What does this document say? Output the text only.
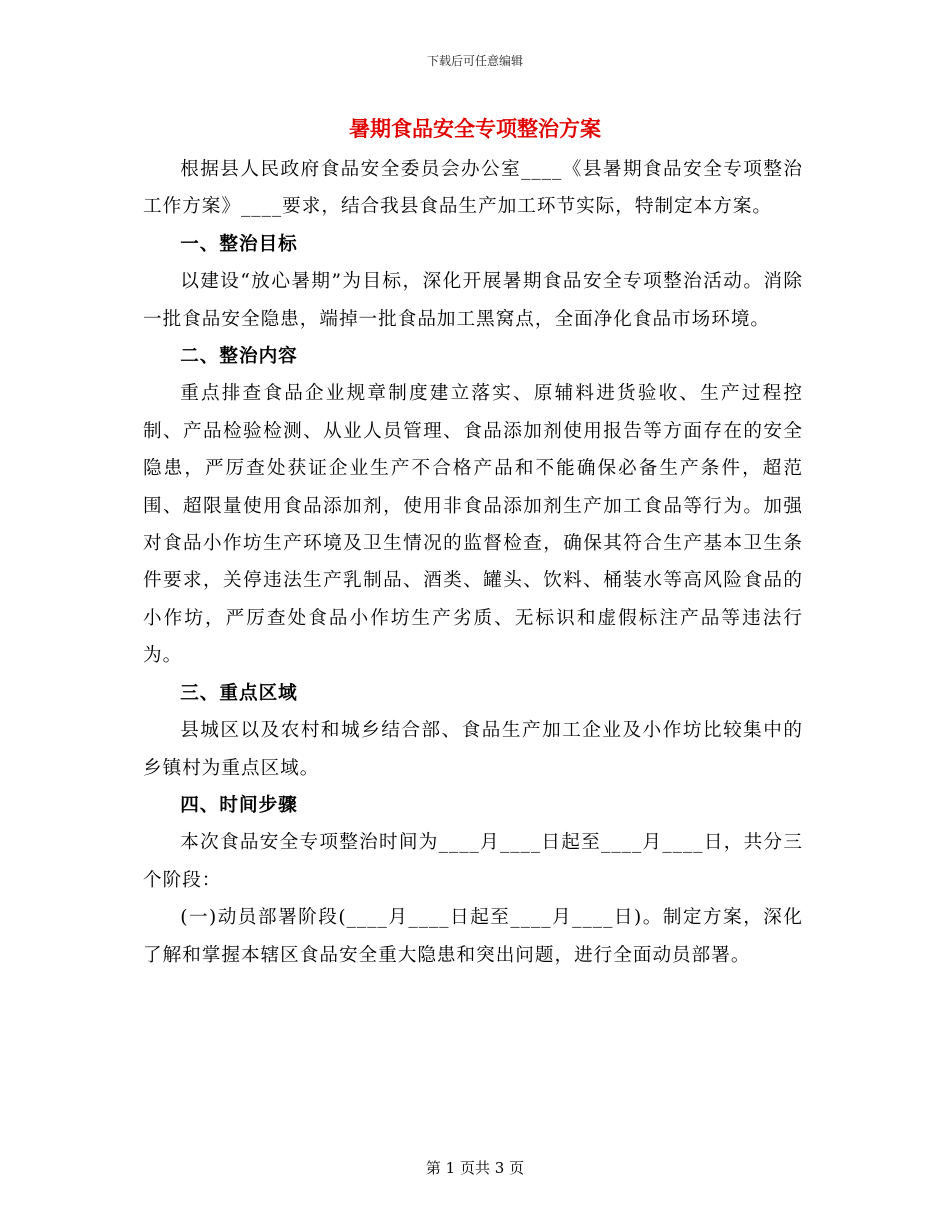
下载后可任意编辑
暑期食品安全专项整治方案

根据县人民政府食品安全委员会办公室____《县暑期食品安全专项整治工作方案》____要求，结合我县食品生产加工环节实际，特制定本方案。

一、整治目标

以建设“放心暑期”为目标，深化开展暑期食品安全专项整治活动。消除一批食品安全隐患，端掉一批食品加工黑窝点，全面净化食品市场环境。

二、整治内容

重点排查食品企业规章制度建立落实、原辅料进货验收、生产过程控制、产品检验检测、从业人员管理、食品添加剂使用报告等方面存在的安全隐患，严厉查处获证企业生产不合格产品和不能确保必备生产条件，超范围、超限量使用食品添加剂，使用非食品添加剂生产加工食品等行为。加强对食品小作坊生产环境及卫生情况的监督检查，确保其符合生产基本卫生条件要求，关停违法生产乳制品、酒类、罐头、饮料、桶装水等高风险食品的小作坊，严厉查处食品小作坊生产劣质、无标识和虚假标注产品等违法行为。

三、重点区域

县城区以及农村和城乡结合部、食品生产加工企业及小作坊比较集中的乡镇村为重点区域。

四、时间步骤

本次食品安全专项整治时间为____月____日起至____月____日，共分三个阶段：

(一)动员部署阶段(____月____日起至____月____日)。制定方案，深化了解和掌握本辖区食品安全重大隐患和突出问题，进行全面动员部署。

第 1 页共 3 页
